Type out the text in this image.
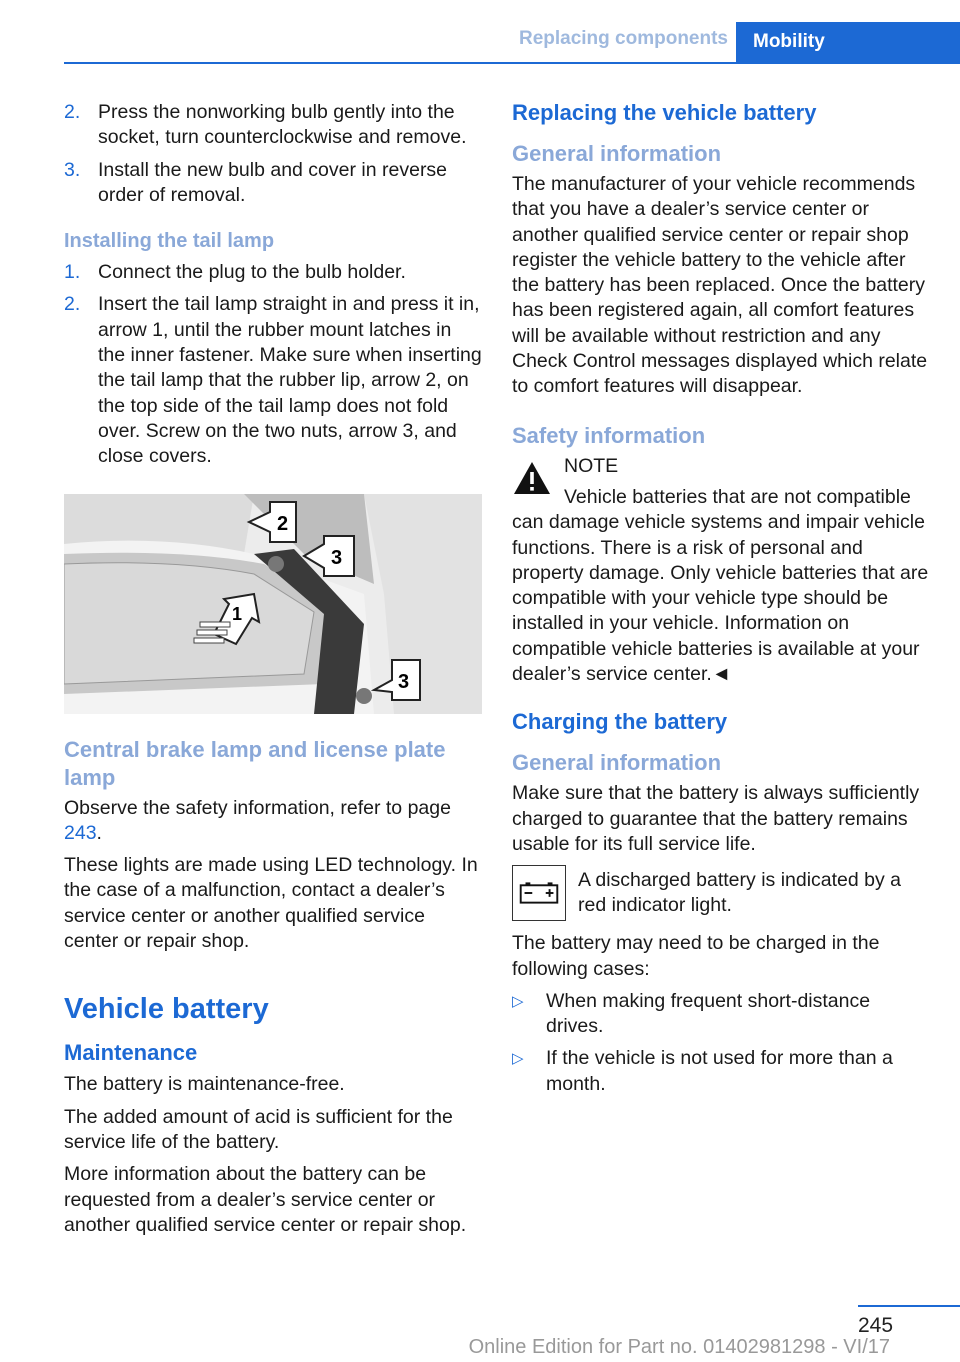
Replacing components	Mobility
2. Press the nonworking bulb gently into the socket, turn counterclockwise and remove.
3. Install the new bulb and cover in reverse order of removal.
Installing the tail lamp
1. Connect the plug to the bulb holder.
2. Insert the tail lamp straight in and press it in, arrow 1, until the rubber mount latches in the inner fastener. Make sure when inserting the tail lamp that the rubber lip, arrow 2, on the top side of the tail lamp does not fold over. Screw on the two nuts, arrow 3, and close covers.
2
3
1
3
Central brake lamp and license plate lamp

Observe the safety information, refer to page 243.

These lights are made using LED technology. In the case of a malfunction, contact a dealer’s service center or another qualified service center or repair shop.

Vehicle battery
Maintenance

The battery is maintenance-free.

The added amount of acid is sufficient for the service life of the battery.

More information about the battery can be requested from a dealer’s service center or another qualified service center or repair shop.

Replacing the vehicle battery
General information

The manufacturer of your vehicle recommends that you have a dealer’s service center or another qualified service center or repair shop register the vehicle battery to the vehicle after the battery has been replaced. Once the battery has been registered again, all comfort features will be available without restriction and any Check Control messages displayed which relate to comfort features will disappear.

Safety information
NOTE

Vehicle batteries that are not compatible can damage vehicle systems and impair vehicle functions. There is a risk of personal and property damage. Only vehicle batteries that are compatible with your vehicle type should be installed in your vehicle. Information on compatible vehicle batteries is available at your dealer’s service center.◄

Charging the battery
General information

Make sure that the battery is always sufficiently charged to guarantee that the battery remains usable for its full service life.

A discharged battery is indicated by a red indicator light.

The battery may need to be charged in the following cases:

▷	When making frequent short-distance drives.
▷	If the vehicle is not used for more than a month.
245
Online Edition for Part no. 01402981298 - VI/17
